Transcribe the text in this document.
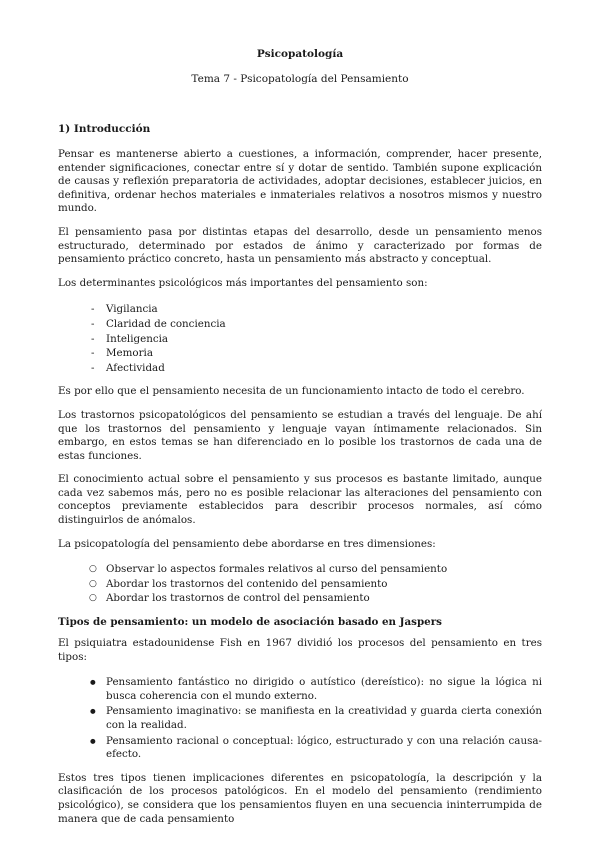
Psicopatología
Tema 7 - Psicopatología del Pensamiento
1) Introducción

Pensar es mantenerse abierto a cuestiones, a información, comprender, hacer presente, entender significaciones, conectar entre sí y dotar de sentido. También supone explicación de causas y reflexión preparatoria de actividades, adoptar decisiones, establecer juicios, en definitiva, ordenar hechos materiales e inmateriales relativos a nosotros mismos y nuestro mundo.

El pensamiento pasa por distintas etapas del desarrollo, desde un pensamiento menos estructurado, determinado por estados de ánimo y caracterizado por formas de pensamiento práctico concreto, hasta un pensamiento más abstracto y conceptual.

Los determinantes psicológicos más importantes del pensamiento son:

- Vigilancia
- Claridad de conciencia
- Inteligencia
- Memoria
- Afectividad

Es por ello que el pensamiento necesita de un funcionamiento intacto de todo el cerebro.

Los trastornos psicopatológicos del pensamiento se estudian a través del lenguaje. De ahí que los trastornos del pensamiento y lenguaje vayan íntimamente relacionados. Sin embargo, en estos temas se han diferenciado en lo posible los trastornos de cada una de estas funciones.

El conocimiento actual sobre el pensamiento y sus procesos es bastante limitado, aunque cada vez sabemos más, pero no es posible relacionar las alteraciones del pensamiento con conceptos previamente establecidos para describir procesos normales, así cómo distinguirlos de anómalos.

La psicopatología del pensamiento debe abordarse en tres dimensiones:

○ Observar lo aspectos formales relativos al curso del pensamiento
○ Abordar los trastornos del contenido del pensamiento
○ Abordar los trastornos de control del pensamiento
Tipos de pensamiento: un modelo de asociación basado en Jaspers

El psiquiatra estadounidense Fish en 1967 dividió los procesos del pensamiento en tres tipos:

● Pensamiento fantástico no dirigido o autístico (dereístico): no sigue la lógica ni busca coherencia con el mundo externo.
● Pensamiento imaginativo: se manifiesta en la creatividad y guarda cierta conexión con la realidad.
● Pensamiento racional o conceptual: lógico, estructurado y con una relación causa-efecto.

Estos tres tipos tienen implicaciones diferentes en psicopatología, la descripción y la clasificación de los procesos patológicos. En el modelo del pensamiento (rendimiento psicológico), se considera que los pensamientos fluyen en una secuencia ininterrumpida de manera que de cada pensamiento
